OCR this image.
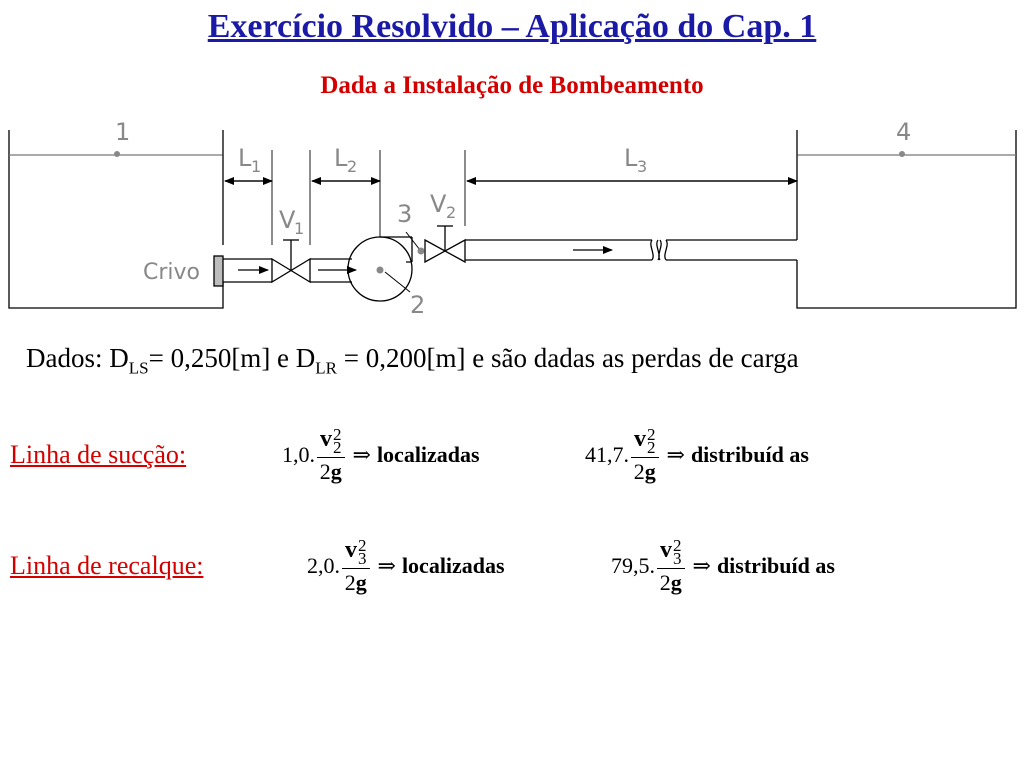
Exercício Resolvido – Aplicação do Cap. 1
Dada a Instalação de Bombeamento
1	4
L 1	L 2	L 3
V
1
V 2
3
2
Crivo
Dados: $D_{LS}= 0,250[m]$ e $D_{LR} = 0,200[m]$ e são dadas as perdas de carga
Linha de sucção:	1,0. v 2
2
2g ⇒ localizadas	41,7. v 2
2
2g ⇒ distribuíd as
Linha de recalque:	2,0. v 2
3
2g ⇒ localizadas	79,5. v 2
3
2g ⇒ distribuíd as
